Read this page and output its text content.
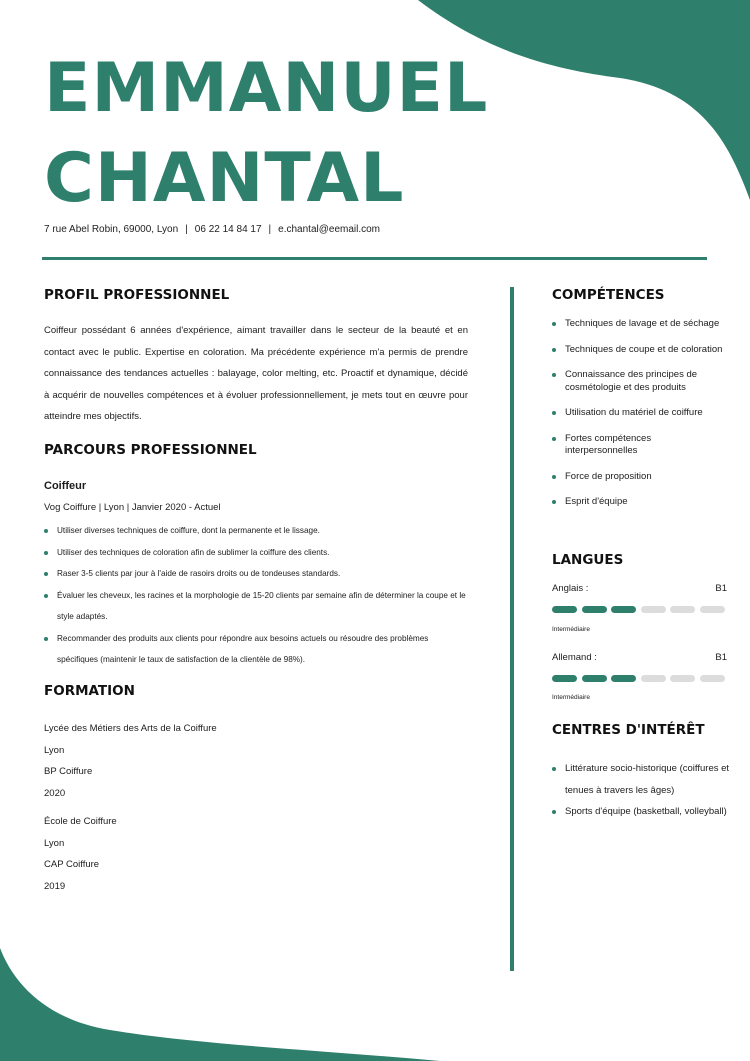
EMMANUEL
CHANTAL
7 rue Abel Robin, 69000, Lyon | 06 22 14 84 17 | e.chantal@eemail.com
PROFIL PROFESSIONNEL

Coiffeur possédant 6 années d'expérience, aimant travailler dans le secteur de la beauté et en contact avec le public. Expertise en coloration. Ma précédente expérience m'a permis de prendre connaissance des tendances actuelles : balayage, color melting, etc. Proactif et dynamique, décidé à acquérir de nouvelles compétences et à évoluer professionnellement, je mets tout en œuvre pour atteindre mes objectifs.

PARCOURS PROFESSIONNEL

Coiffeur

Vog Coiffure | Lyon | Janvier 2020 - Actuel

Utiliser diverses techniques de coiffure, dont la permanente et le lissage.
Utiliser des techniques de coloration afin de sublimer la coiffure des clients.
Raser 3-5 clients par jour à l'aide de rasoirs droits ou de tondeuses standards.
Évaluer les cheveux, les racines et la morphologie de 15-20 clients par semaine afin de déterminer la coupe et le style adaptés.
Recommander des produits aux clients pour répondre aux besoins actuels ou résoudre des problèmes spécifiques (maintenir le taux de satisfaction de la clientèle de 98%).
FORMATION
Lycée des Métiers des Arts de la Coiffure
Lyon
BP Coiffure
2020
École de Coiffure
Lyon
CAP Coiffure
2019
COMPÉTENCES
Techniques de lavage et de séchage
Techniques de coupe et de coloration
Connaissance des principes de cosmétologie et des produits
Utilisation du matériel de coiffure
Fortes compétences interpersonnelles
Force de proposition
Esprit d'équipe
LANGUES
Anglais :	B1
Intermédiaire
Allemand :	B1
Intermédiaire
CENTRES D'INTÉRÊT
Littérature socio-historique (coiffures et tenues à travers les âges)
Sports d'équipe (basketball, volleyball)
